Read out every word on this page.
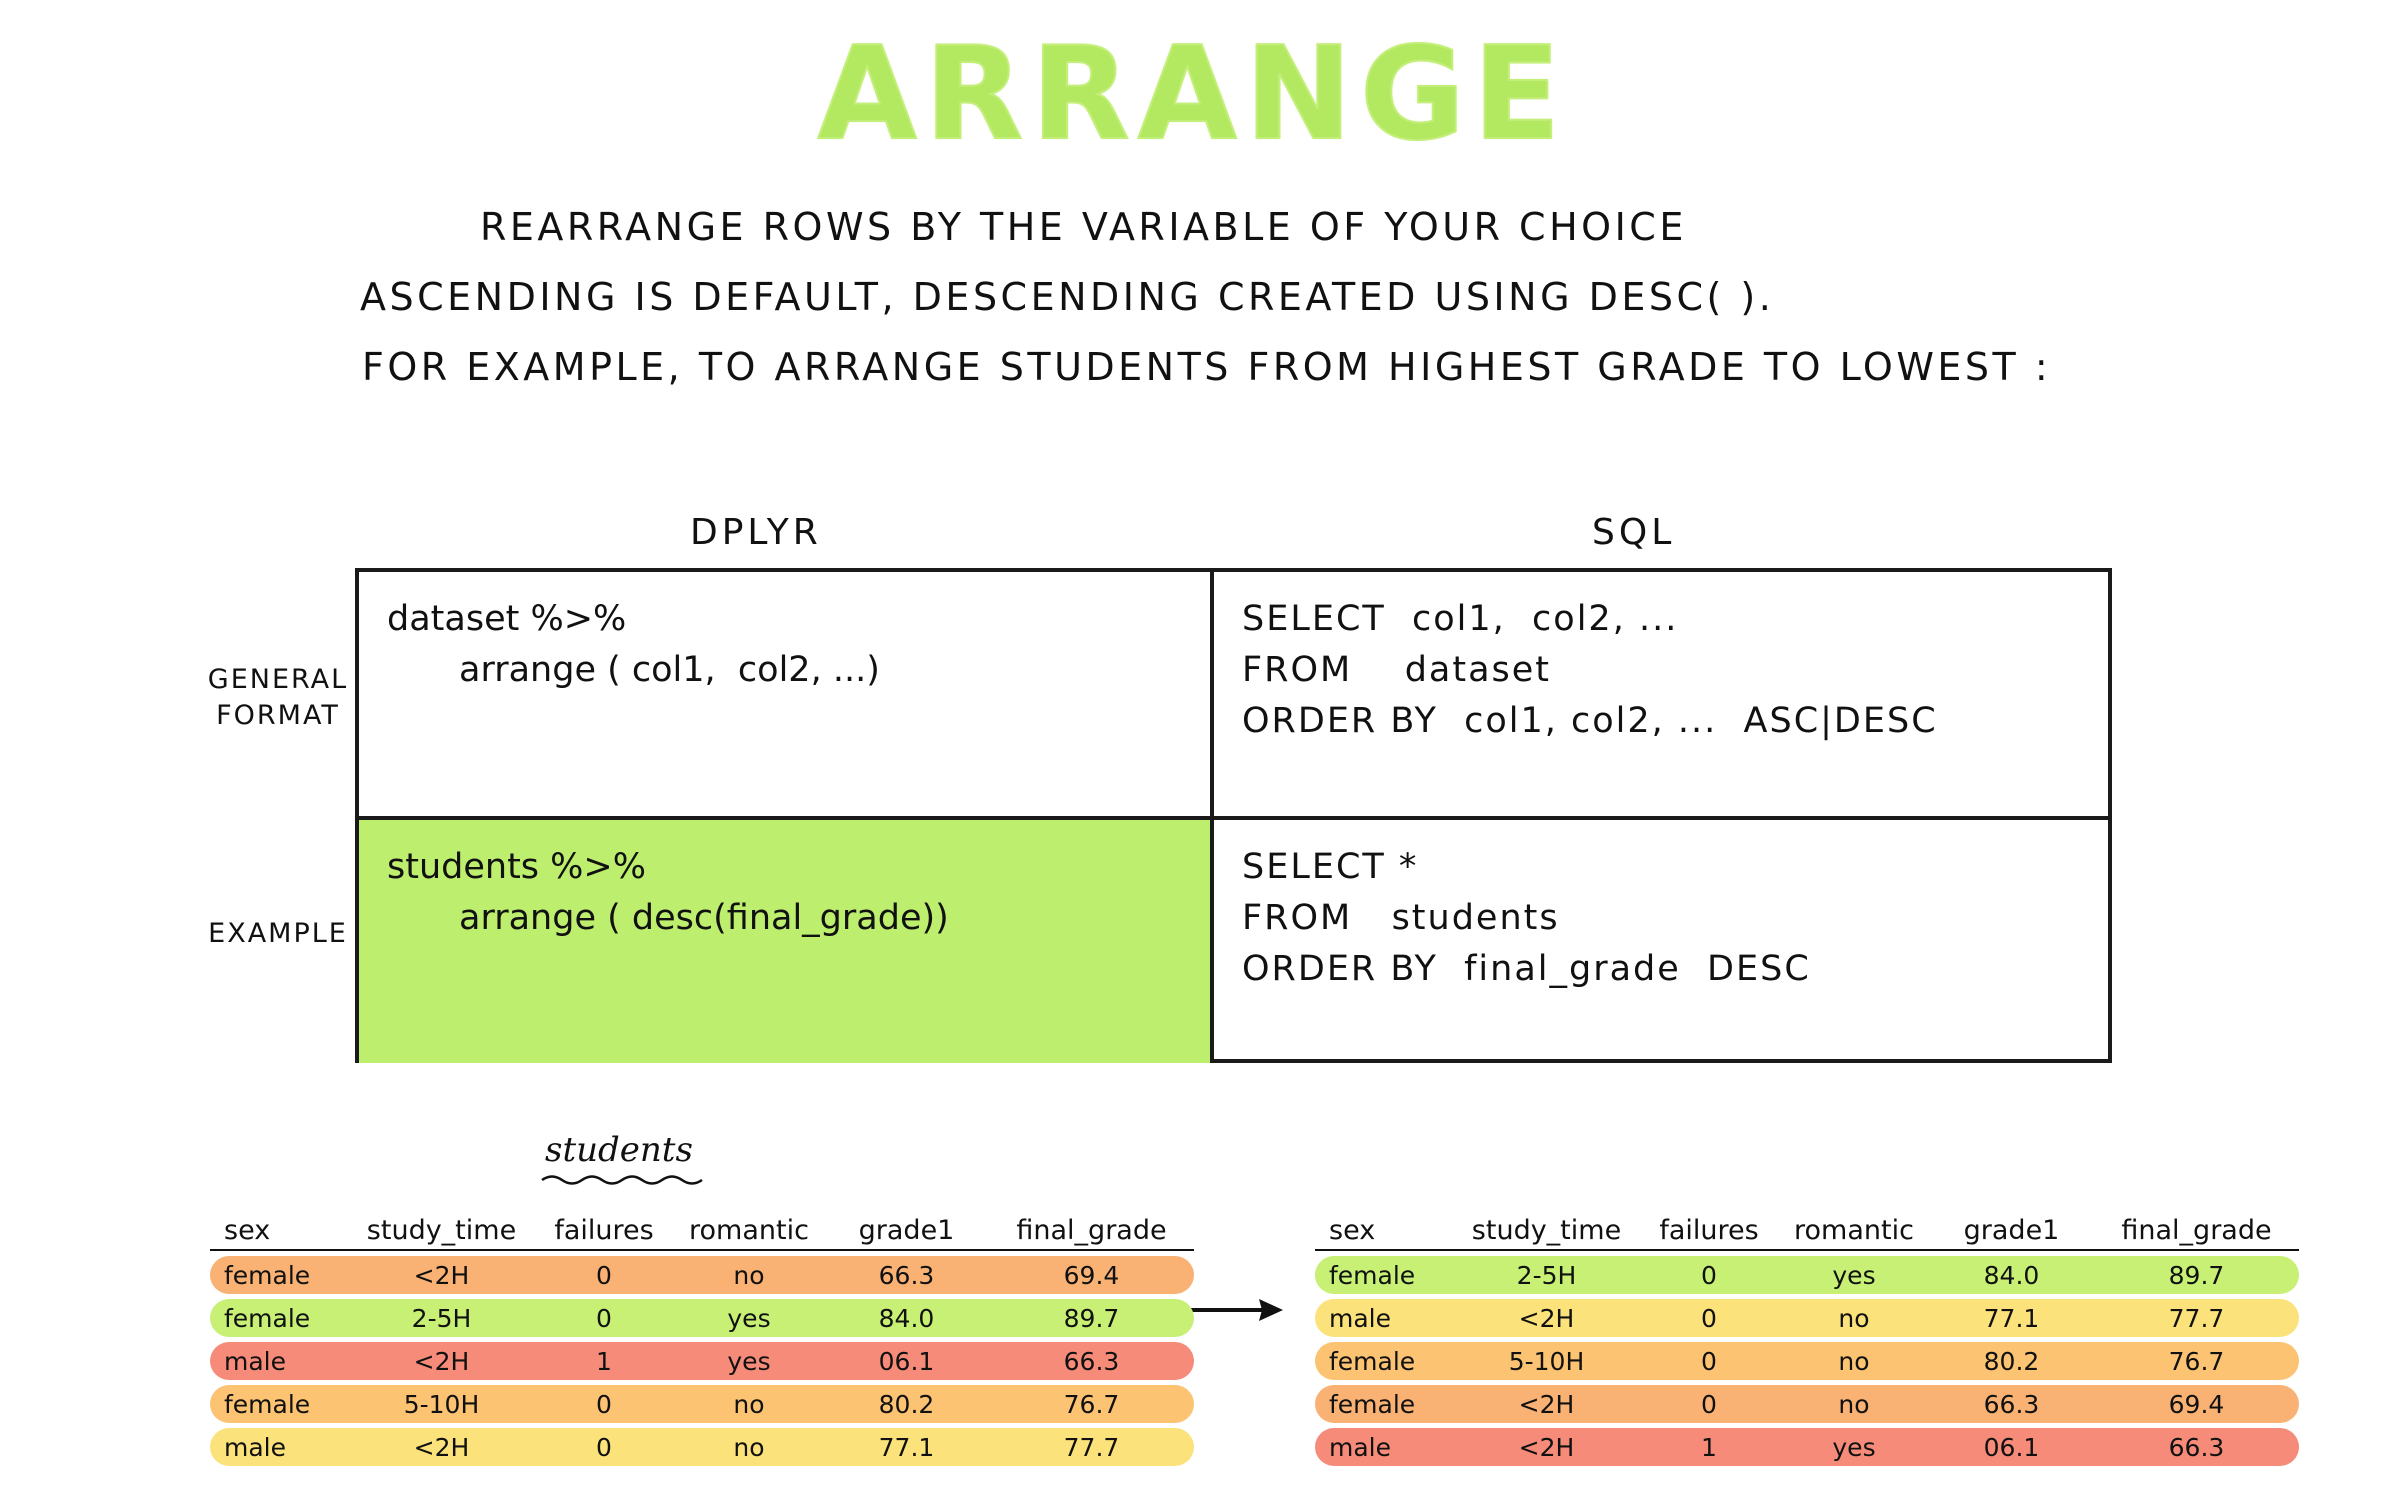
ARRANGE
REARRANGE ROWS BY THE VARIABLE OF YOUR CHOICE
ASCENDING IS DEFAULT, DESCENDING CREATED USING DESC( ).
FOR EXAMPLE, TO ARRANGE STUDENTS FROM HIGHEST GRADE TO LOWEST :
DPLYR	SQL
GENERAL
FORMAT
EXAMPLE
dataset %>%
arrange ( col1,  col2, ...)
SELECT  col1,  col2, ...
FROM    dataset
ORDER BY  col1, col2, ...  ASC|DESC
students %>%
arrange ( desc(final_grade))
SELECT *
FROM   students
ORDER BY  final_grade  DESC
students
sex	study_time	failures	romantic	grade1	final_grade
female	<2H	0	no	66.3	69.4
female	2-5H	0	yes	84.0	89.7
male	<2H	1	yes	06.1	66.3
female	5-10H	0	no	80.2	76.7
male	<2H	0	no	77.1	77.7
sex	study_time	failures	romantic	grade1	final_grade
female	2-5H	0	yes	84.0	89.7
male	<2H	0	no	77.1	77.7
female	5-10H	0	no	80.2	76.7
female	<2H	0	no	66.3	69.4
male	<2H	1	yes	06.1	66.3
